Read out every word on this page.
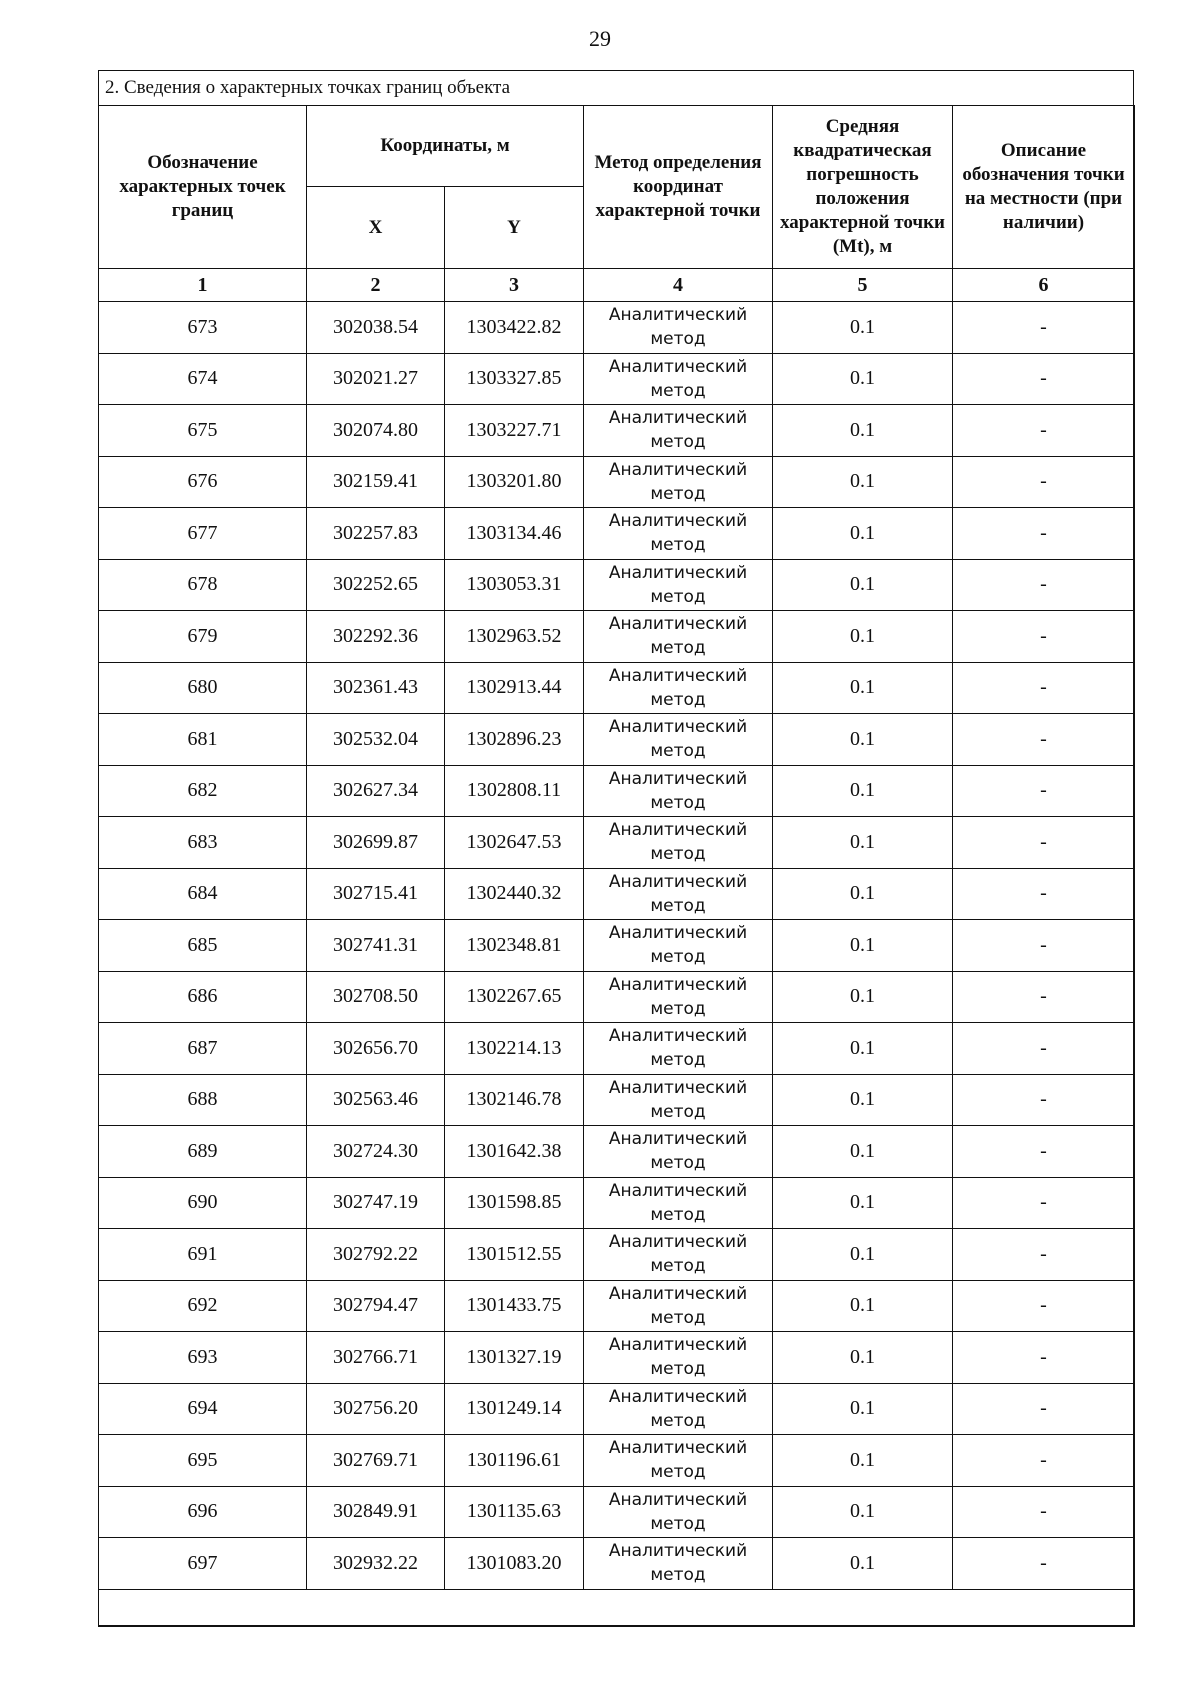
29
2. Сведения о характерных точках границ объекта
Обозначение характерных точек границ	Координаты, м		Метод определения координат характерной точки	Средняя квадратическая погрешность положения характерной точки (Mt), м	Описание обозначения точки на местности (при наличии)
	X	Y			
1	2	3	4	5	6
673	302038.54	1303422.82	Аналитический метод	0.1	-
674	302021.27	1303327.85	Аналитический метод	0.1	-
675	302074.80	1303227.71	Аналитический метод	0.1	-
676	302159.41	1303201.80	Аналитический метод	0.1	-
677	302257.83	1303134.46	Аналитический метод	0.1	-
678	302252.65	1303053.31	Аналитический метод	0.1	-
679	302292.36	1302963.52	Аналитический метод	0.1	-
680	302361.43	1302913.44	Аналитический метод	0.1	-
681	302532.04	1302896.23	Аналитический метод	0.1	-
682	302627.34	1302808.11	Аналитический метод	0.1	-
683	302699.87	1302647.53	Аналитический метод	0.1	-
684	302715.41	1302440.32	Аналитический метод	0.1	-
685	302741.31	1302348.81	Аналитический метод	0.1	-
686	302708.50	1302267.65	Аналитический метод	0.1	-
687	302656.70	1302214.13	Аналитический метод	0.1	-
688	302563.46	1302146.78	Аналитический метод	0.1	-
689	302724.30	1301642.38	Аналитический метод	0.1	-
690	302747.19	1301598.85	Аналитический метод	0.1	-
691	302792.22	1301512.55	Аналитический метод	0.1	-
692	302794.47	1301433.75	Аналитический метод	0.1	-
693	302766.71	1301327.19	Аналитический метод	0.1	-
694	302756.20	1301249.14	Аналитический метод	0.1	-
695	302769.71	1301196.61	Аналитический метод	0.1	-
696	302849.91	1301135.63	Аналитический метод	0.1	-
697	302932.22	1301083.20	Аналитический метод	0.1	-
